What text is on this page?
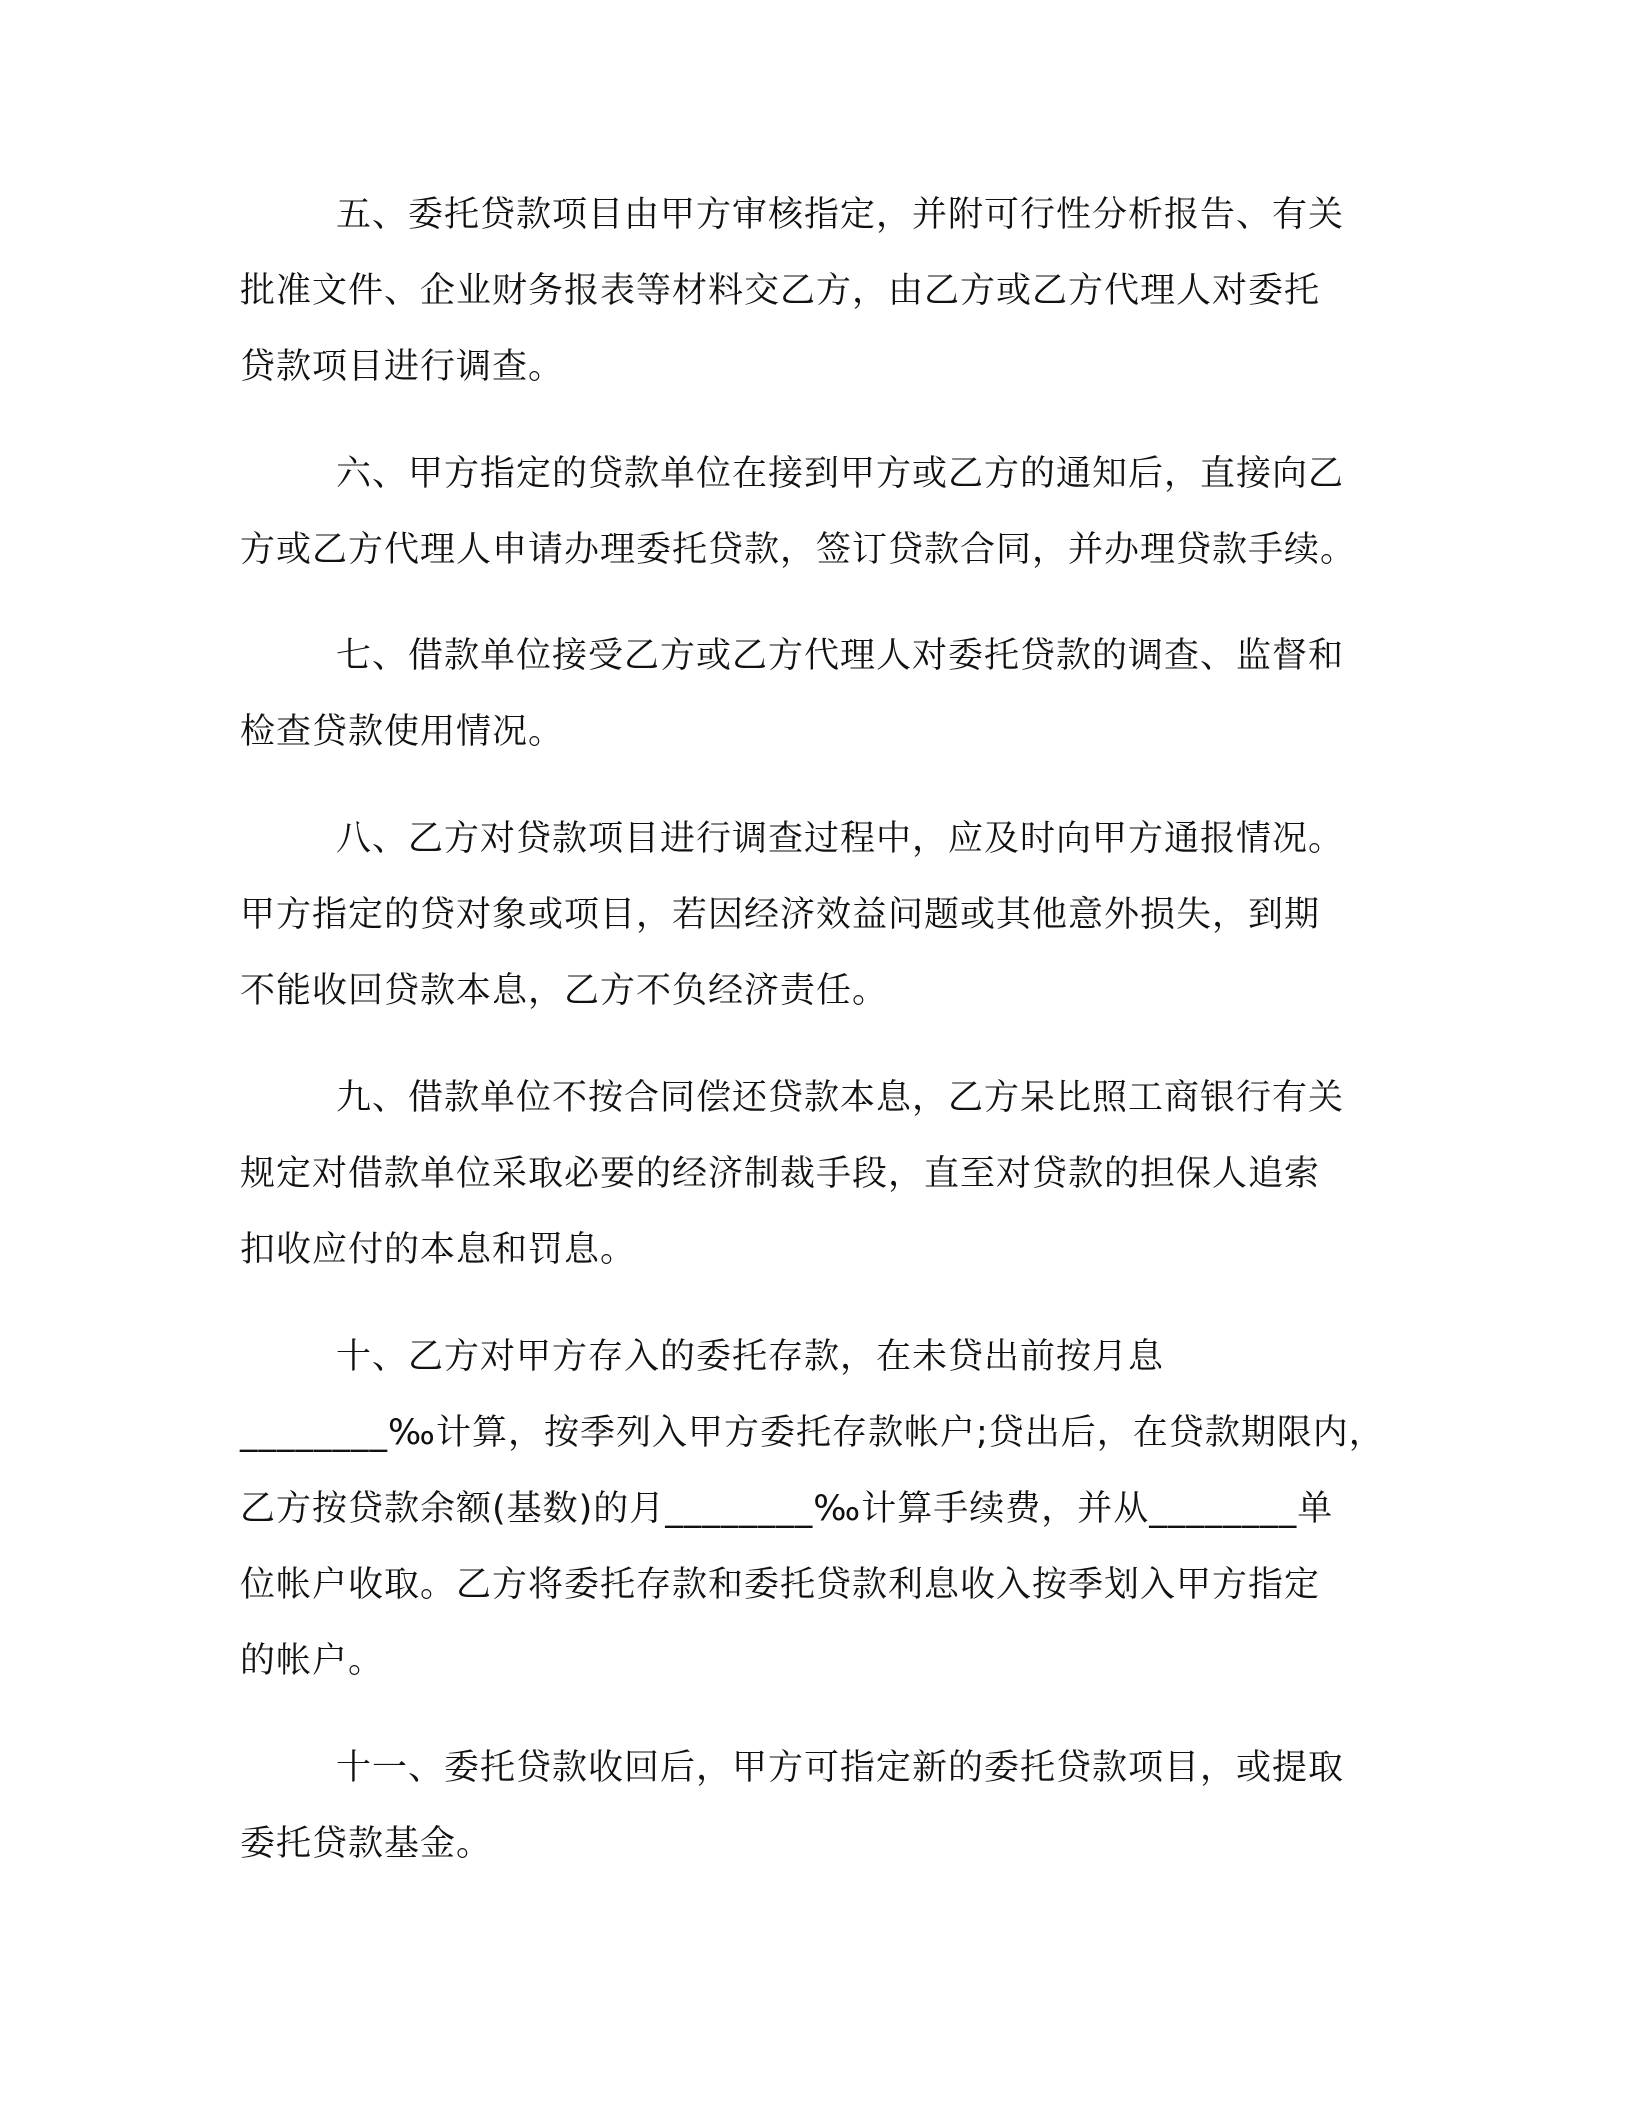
五、委托贷款项目由甲方审核指定，并附可行性分析报告、有关
批准文件、企业财务报表等材料交乙方，由乙方或乙方代理人对委托
贷款项目进行调查。
六、甲方指定的贷款单位在接到甲方或乙方的通知后，直接向乙
方或乙方代理人申请办理委托贷款，签订贷款合同，并办理贷款手续。
七、借款单位接受乙方或乙方代理人对委托贷款的调查、监督和
检查贷款使用情况。
八、乙方对贷款项目进行调查过程中，应及时向甲方通报情况。
甲方指定的贷对象或项目，若因经济效益问题或其他意外损失，到期
不能收回贷款本息，乙方不负经济责任。
九、借款单位不按合同偿还贷款本息，乙方呆比照工商银行有关
规定对借款单位采取必要的经济制裁手段，直至对贷款的担保人追索
扣收应付的本息和罚息。
十、乙方对甲方存入的委托存款，在未贷出前按月息
________‰计算，按季列入甲方委托存款帐户;贷出后，在贷款期限内，
乙方按贷款余额(基数)的月________‰计算手续费，并从________单
位帐户收取。乙方将委托存款和委托贷款利息收入按季划入甲方指定
的帐户。
十一、委托贷款收回后，甲方可指定新的委托贷款项目，或提取
委托贷款基金。
